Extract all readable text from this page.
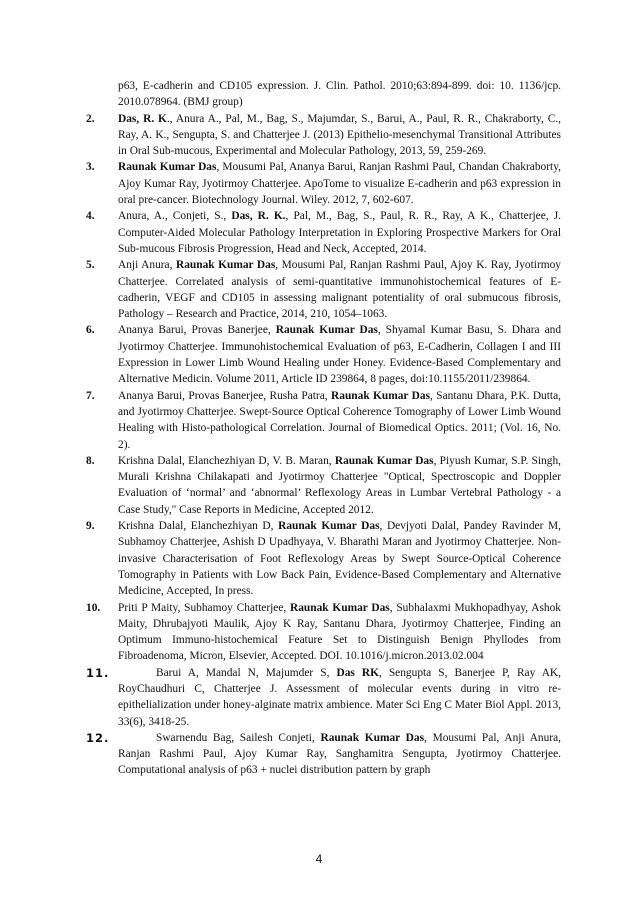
p63, E-cadherin and CD105 expression. J. Clin. Pathol. 2010;63:894-899. doi: 10. 1136/jcp. 2010.078964. (BMJ group)
2.	Das, R. K., Anura A., Pal, M., Bag, S., Majumdar, S., Barui, A., Paul, R. R., Chakraborty, C., Ray, A. K., Sengupta, S. and Chatterjee J. (2013) Epithelio-mesenchymal Transitional Attributes in Oral Sub-mucous, Experimental and Molecular Pathology, 2013, 59, 259-269.
3.	Raunak Kumar Das, Mousumi Pal, Ananya Barui, Ranjan Rashmi Paul, Chandan Chakraborty, Ajoy Kumar Ray, Jyotirmoy Chatterjee. ApoTome to visualize E-cadherin and p63 expression in oral pre-cancer. Biotechnology Journal. Wiley. 2012, 7, 602-607.
4.	Anura, A., Conjeti, S., Das, R. K., Pal, M., Bag, S., Paul, R. R., Ray, A K., Chatterjee, J. Computer-Aided Molecular Pathology Interpretation in Exploring Prospective Markers for Oral Sub-mucous Fibrosis Progression, Head and Neck, Accepted, 2014.
5.	Anji Anura, Raunak Kumar Das, Mousumi Pal, Ranjan Rashmi Paul, Ajoy K. Ray, Jyotirmoy Chatterjee. Correlated analysis of semi-quantitative immunohistochemical features of E-cadherin, VEGF and CD105 in assessing malignant potentiality of oral submucous fibrosis, Pathology – Research and Practice, 2014, 210, 1054–1063.
6.	Ananya Barui, Provas Banerjee, Raunak Kumar Das, Shyamal Kumar Basu, S. Dhara and Jyotirmoy Chatterjee. Immunohistochemical Evaluation of p63, E-Cadherin, Collagen I and III Expression in Lower Limb Wound Healing under Honey. Evidence-Based Complementary and Alternative Medicin. Volume 2011, Article ID 239864, 8 pages, doi:10.1155/2011/239864.
7.	Ananya Barui, Provas Banerjee, Rusha Patra, Raunak Kumar Das, Santanu Dhara, P.K. Dutta, and Jyotirmoy Chatterjee. Swept-Source Optical Coherence Tomography of Lower Limb Wound Healing with Histo-pathological Correlation. Journal of Biomedical Optics. 2011; (Vol. 16, No. 2).
8.	Krishna Dalal, Elanchezhiyan D, V. B. Maran, Raunak Kumar Das, Piyush Kumar, S.P. Singh, Murali Krishna Chilakapati and Jyotirmoy Chatterjee "Optical, Spectroscopic and Doppler Evaluation of ‘normal’ and ‘abnormal’ Reflexology Areas in Lumbar Vertebral Pathology - a Case Study," Case Reports in Medicine, Accepted 2012.
9.	Krishna Dalal, Elanchezhiyan D, Raunak Kumar Das, Devjyoti Dalal, Pandey Ravinder M, Subhamoy Chatterjee, Ashish D Upadhyaya, V. Bharathi Maran and Jyotirmoy Chatterjee. Non-invasive Characterisation of Foot Reflexology Areas by Swept Source-Optical Coherence Tomography in Patients with Low Back Pain, Evidence-Based Complementary and Alternative Medicine, Accepted, In press.
10.	Priti P Maity, Subhamoy Chatterjee, Raunak Kumar Das, Subhalaxmi Mukhopadhyay, Ashok Maity, Dhrubajyoti Maulik, Ajoy K Ray, Santanu Dhara, Jyotirmoy Chatterjee, Finding an Optimum Immuno-histochemical Feature Set to Distinguish Benign Phyllodes from Fibroadenoma, Micron, Elsevier, Accepted. DOI. 10.1016/j.micron.2013.02.004
11.	Barui A, Mandal N, Majumder S, Das RK, Sengupta S, Banerjee P, Ray AK, RoyChaudhuri C, Chatterjee J. Assessment of molecular events during in vitro re-epithelialization under honey-alginate matrix ambience. Mater Sci Eng C Mater Biol Appl. 2013, 33(6), 3418-25.
12.	Swarnendu Bag, Sailesh Conjeti, Raunak Kumar Das, Mousumi Pal, Anji Anura, Ranjan Rashmi Paul, Ajoy Kumar Ray, Sanghamitra Sengupta, Jyotirmoy Chatterjee. Computational analysis of p63 + nuclei distribution pattern by graph
4
